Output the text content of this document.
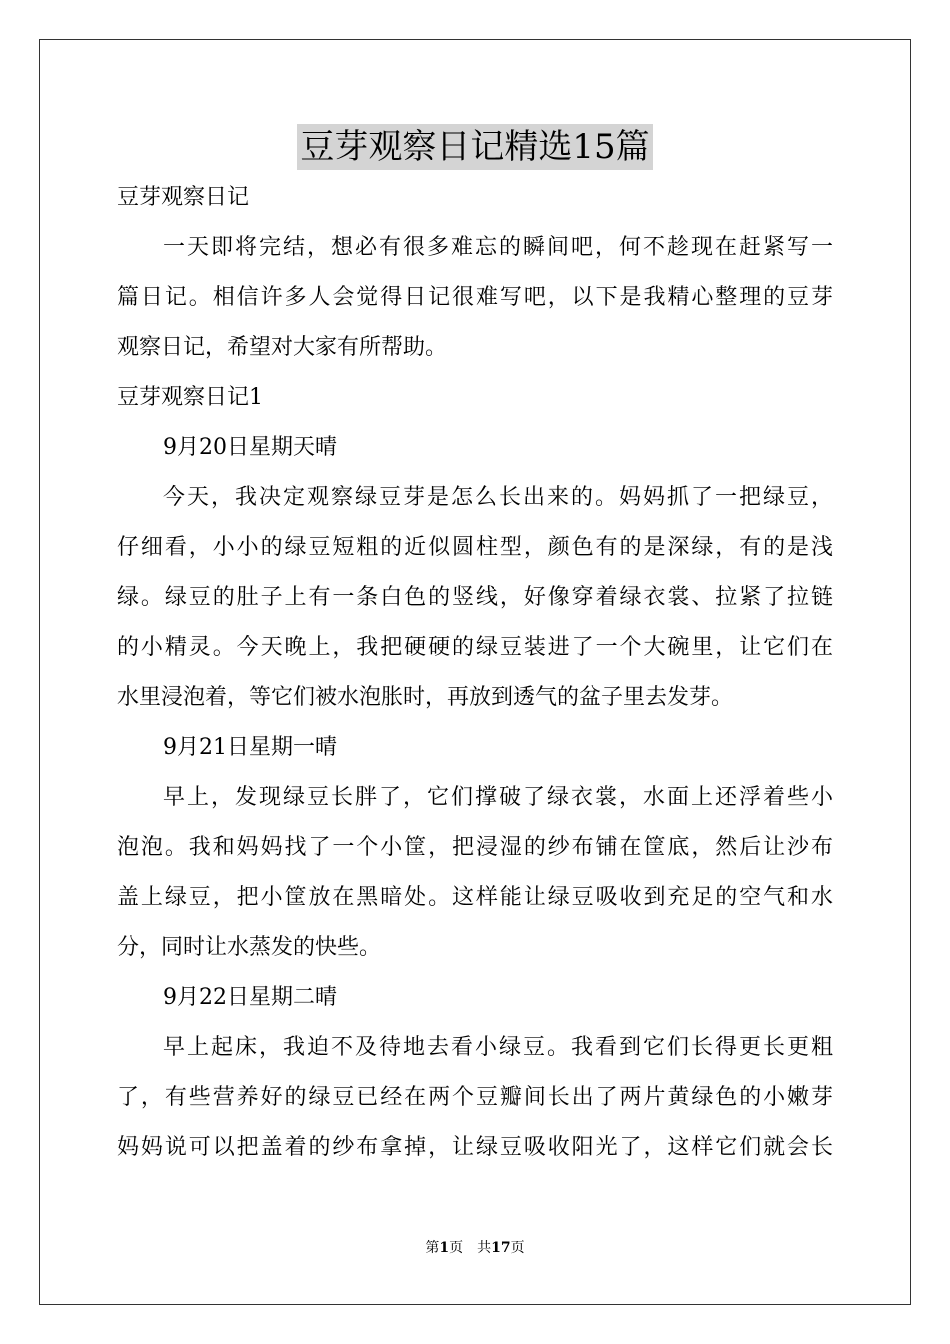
豆芽观察日记精选15篇
豆芽观察日记
一天即将完结，想必有很多难忘的瞬间吧，何不趁现在赶紧写一
篇日记。相信许多人会觉得日记很难写吧，以下是我精心整理的豆芽
观察日记，希望对大家有所帮助。
豆芽观察日记1
9月20日星期天晴
今天，我决定观察绿豆芽是怎么长出来的。妈妈抓了一把绿豆，
仔细看，小小的绿豆短粗的近似圆柱型，颜色有的是深绿，有的是浅
绿。绿豆的肚子上有一条白色的竖线，好像穿着绿衣裳、拉紧了拉链
的小精灵。今天晚上，我把硬硬的绿豆装进了一个大碗里，让它们在
水里浸泡着，等它们被水泡胀时，再放到透气的盆子里去发芽。
9月21日星期一晴
早上，发现绿豆长胖了，它们撑破了绿衣裳，水面上还浮着些小
泡泡。我和妈妈找了一个小筐，把浸湿的纱布铺在筐底，然后让沙布
盖上绿豆，把小筐放在黑暗处。这样能让绿豆吸收到充足的空气和水
分，同时让水蒸发的快些。
9月22日星期二晴
早上起床，我迫不及待地去看小绿豆。我看到它们长得更长更粗
了，有些营养好的绿豆已经在两个豆瓣间长出了两片黄绿色的小嫩芽
妈妈说可以把盖着的纱布拿掉，让绿豆吸收阳光了，这样它们就会长
第1页 共17页
